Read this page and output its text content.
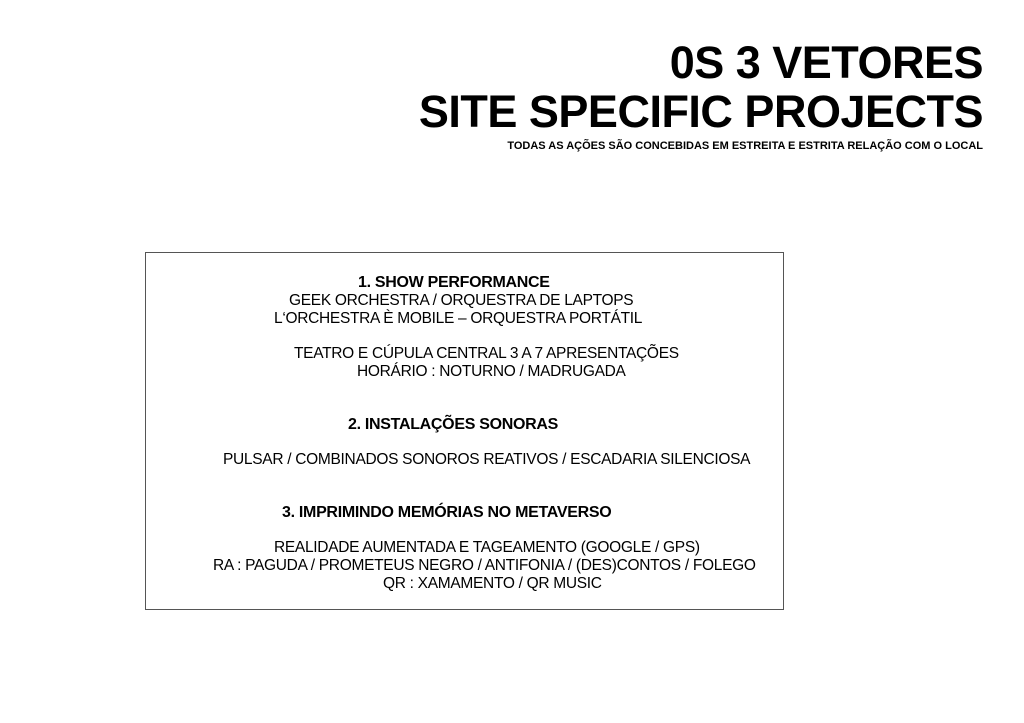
0S 3 VETORES
SITE SPECIFIC PROJECTS
TODAS AS AÇÕES SÃO CONCEBIDAS EM ESTREITA E ESTRITA RELAÇÃO COM O LOCAL
1. SHOW PERFORMANCE
GEEK ORCHESTRA / ORQUESTRA DE LAPTOPS
L‘ORCHESTRA È MOBILE – ORQUESTRA PORTÁTIL
TEATRO E CÚPULA CENTRAL 3 A 7 APRESENTAÇÕES
HORÁRIO : NOTURNO / MADRUGADA
2. INSTALAÇÕES SONORAS
PULSAR / COMBINADOS SONOROS REATIVOS / ESCADARIA SILENCIOSA
3. IMPRIMINDO MEMÓRIAS NO METAVERSO
REALIDADE AUMENTADA E TAGEAMENTO (GOOGLE / GPS)
RA : PAGUDA / PROMETEUS NEGRO / ANTIFONIA / (DES)CONTOS / FOLEGO
QR : XAMAMENTO / QR MUSIC
